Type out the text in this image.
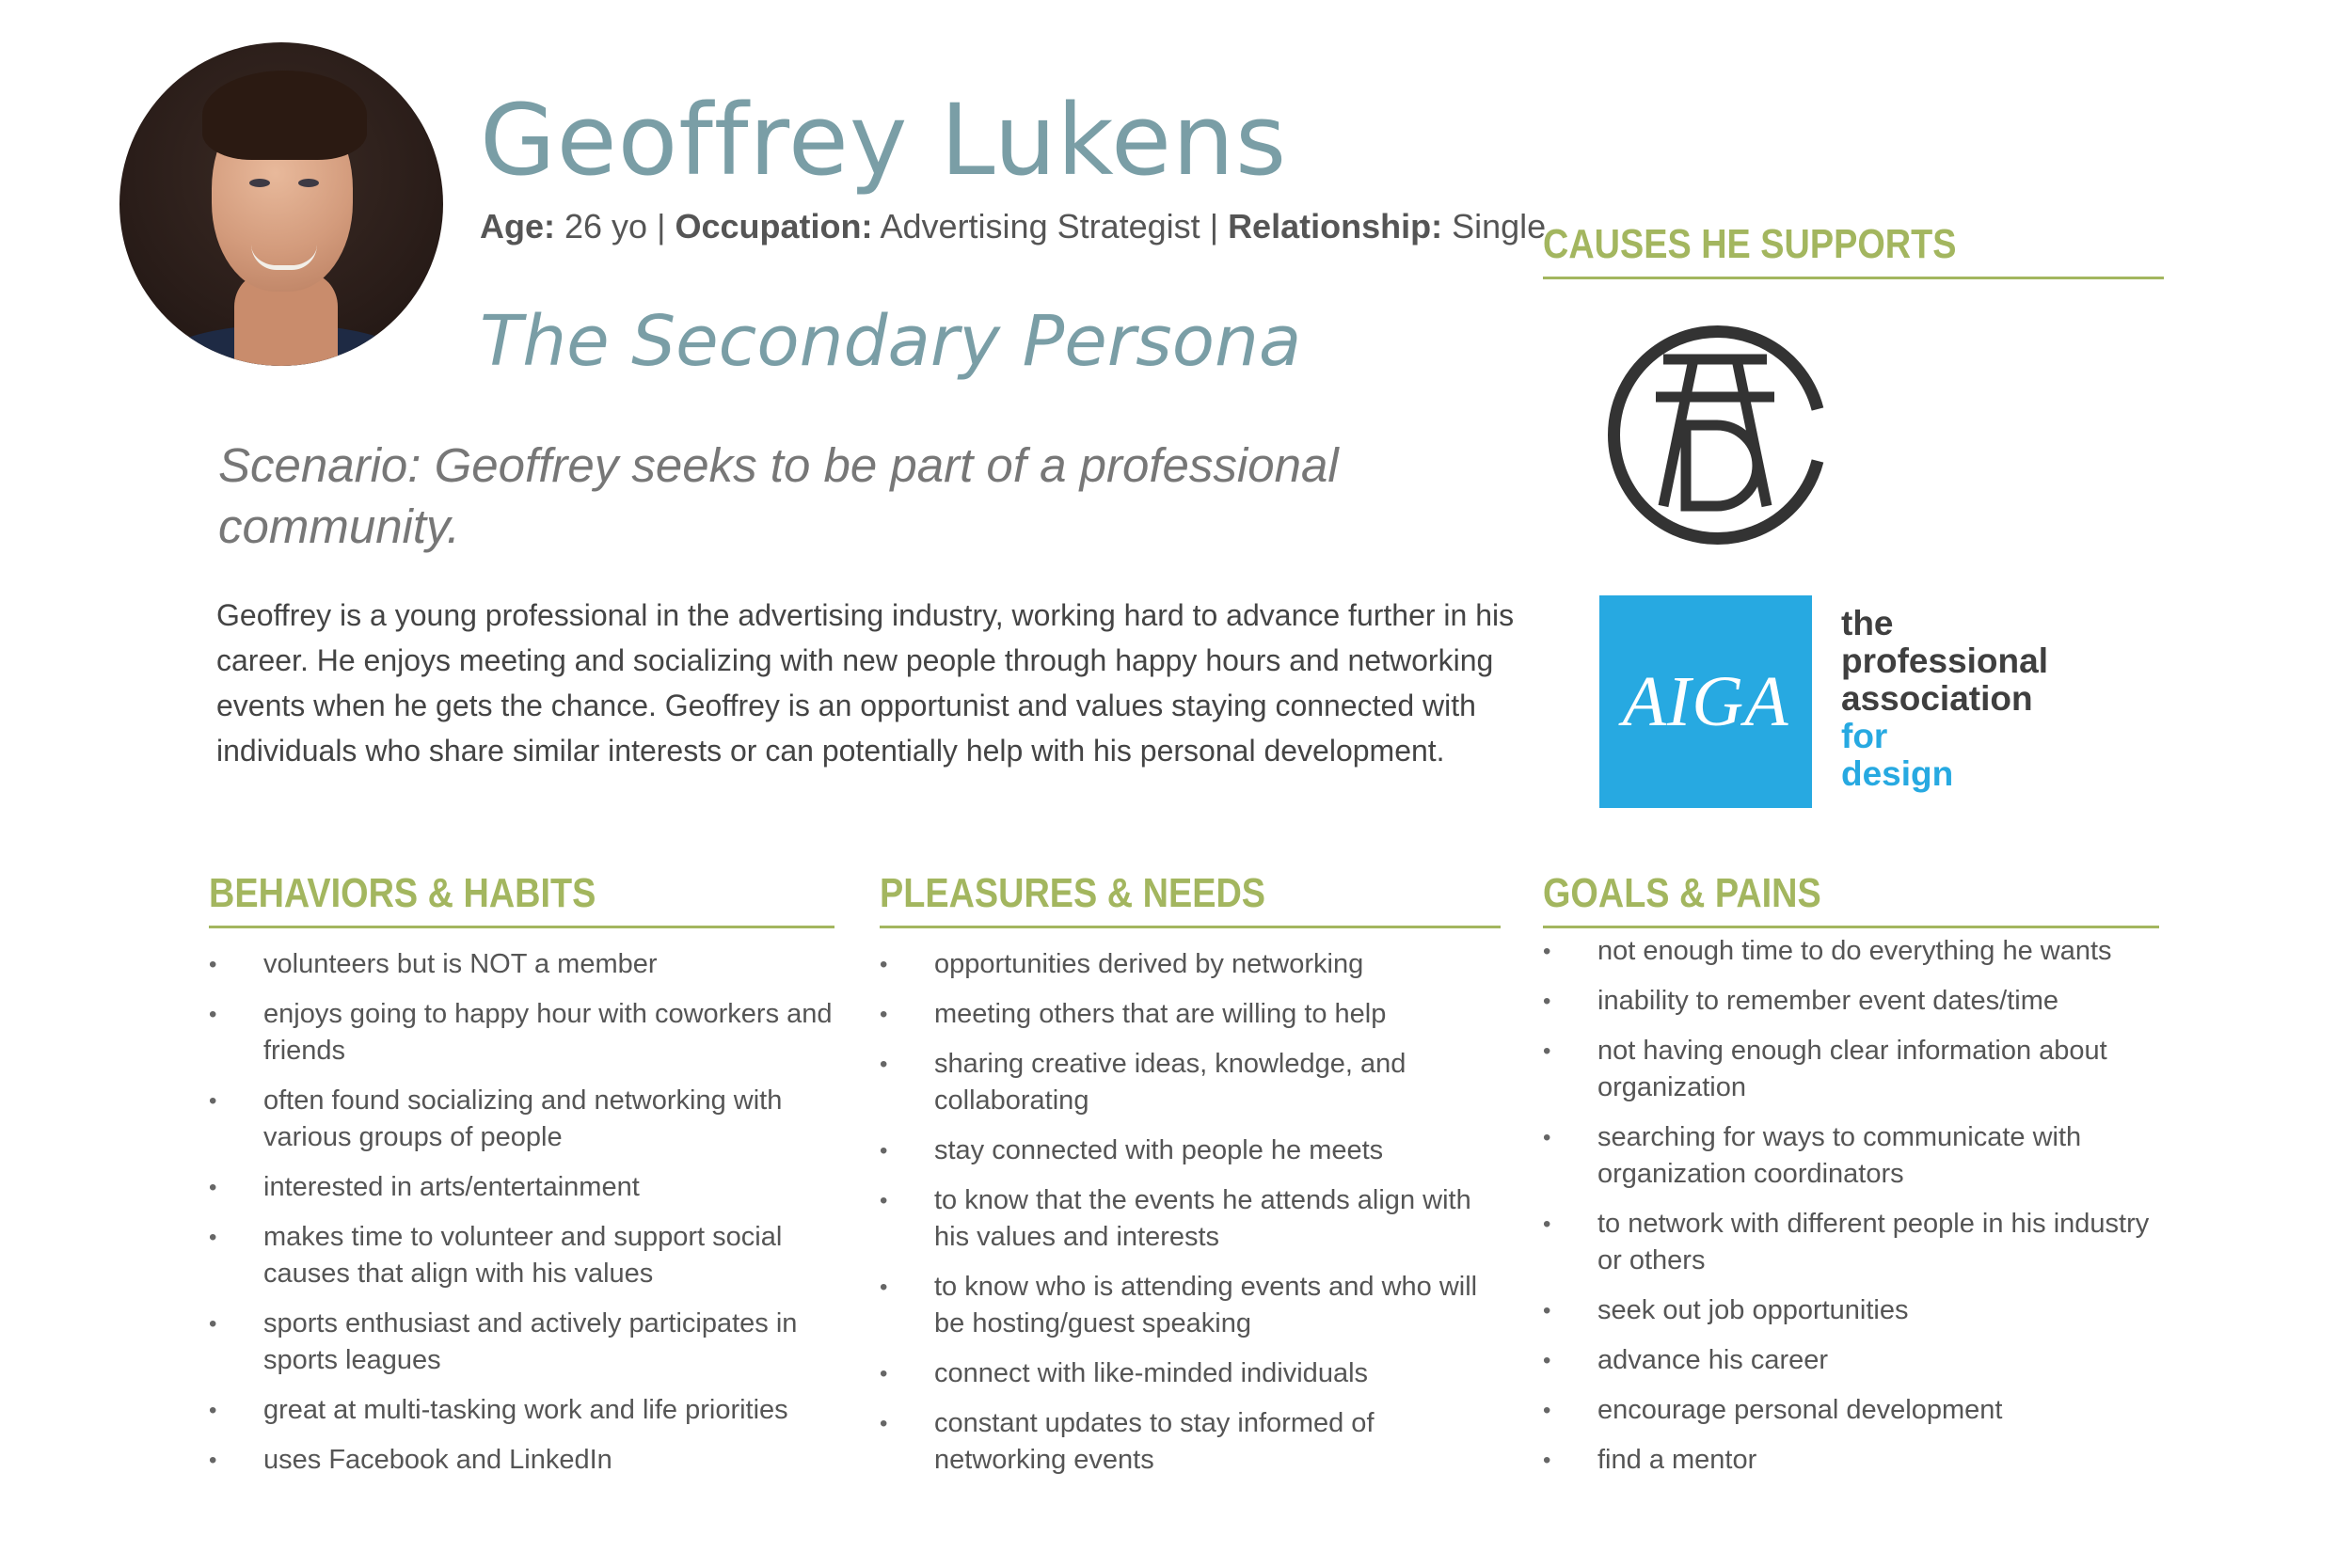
Geoffrey Lukens
Age: 26 yo | Occupation: Advertising Strategist | Relationship: Single
The Secondary Persona
Scenario: Geoffrey seeks to be part of a professional community.
Geoffrey is a young professional in the advertising industry, working hard to advance further in his career. He enjoys meeting and socializing with new people through happy hours and networking events when he gets the chance. Geoffrey is an opportunist and values staying connected with individuals who share similar interests or can potentially help with his personal development.
CAUSES HE SUPPORTS
AIGA
the
professional
association
for
design
BEHAVIORS & HABITS
• volunteers but is NOT a member
• enjoys going to happy hour with coworkers and friends
• often found socializing and networking with various groups of people
• interested in arts/entertainment
• makes time to volunteer and support social causes that align with his values
• sports enthusiast and actively participates in sports leagues
• great at multi-tasking work and life priorities
• uses Facebook and LinkedIn
PLEASURES & NEEDS
• opportunities derived by networking
• meeting others that are willing to help
• sharing creative ideas, knowledge, and collaborating
• stay connected with people he meets
• to know that the events he attends align with his values and interests
• to know who is attending events and who will be hosting/guest speaking
• connect with like-minded individuals
• constant updates to stay informed of networking events
GOALS & PAINS
• not enough time to do everything he wants
• inability to remember event dates/time
• not having enough clear information about organization
• searching for ways to communicate with organization coordinators
• to network with different people in his industry or others
• seek out job opportunities
• advance his career
• encourage personal development
• find a mentor
